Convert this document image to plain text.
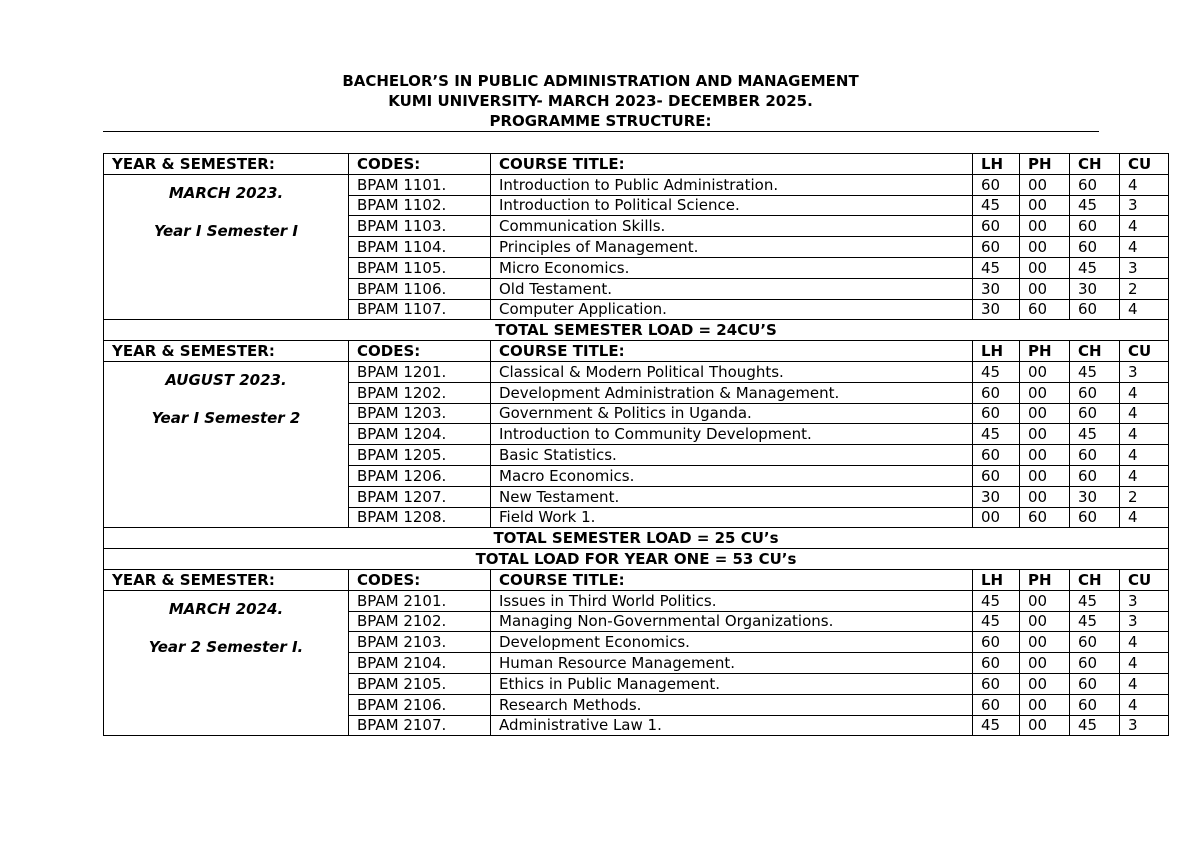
BACHELOR’S IN PUBLIC ADMINISTRATION AND MANAGEMENT
KUMI UNIVERSITY- MARCH 2023- DECEMBER 2025.
PROGRAMME STRUCTURE:
YEAR & SEMESTER:	CODES:	COURSE TITLE:	LH	PH	CH	CU

MARCH 2023.
Year I Semester I	BPAM 1101.	Introduction to Public Administration.	60	00	60	4
	BPAM 1102.	Introduction to Political Science.	45	00	45	3
	BPAM 1103.	Communication Skills.	60	00	60	4
	BPAM 1104.	Principles of Management.	60	00	60	4
	BPAM 1105.	Micro Economics.	45	00	45	3
	BPAM 1106.	Old Testament.	30	00	30	2
	BPAM 1107.	Computer Application.	30	60	60	4
TOTAL SEMESTER LOAD = 24CU’S						
YEAR & SEMESTER:	CODES:	COURSE TITLE:	LH	PH	CH	CU

AUGUST 2023.
Year I Semester 2	BPAM 1201.	Classical & Modern Political Thoughts.	45	00	45	3
	BPAM 1202.	Development Administration & Management.	60	00	60	4
	BPAM 1203.	Government & Politics in Uganda.	60	00	60	4
	BPAM 1204.	Introduction to Community Development.	45	00	45	4
	BPAM 1205.	Basic Statistics.	60	00	60	4
	BPAM 1206.	Macro Economics.	60	00	60	4
	BPAM 1207.	New Testament.	30	00	30	2
	BPAM 1208.	Field Work 1.	00	60	60	4
TOTAL SEMESTER LOAD = 25 CU’s						
TOTAL LOAD FOR YEAR ONE = 53 CU’s						
YEAR & SEMESTER:	CODES:	COURSE TITLE:	LH	PH	CH	CU

MARCH 2024.
Year 2 Semester I.	BPAM 2101.	Issues in Third World Politics.	45	00	45	3
	BPAM 2102.	Managing Non-Governmental Organizations.	45	00	45	3
	BPAM 2103.	Development Economics.	60	00	60	4
	BPAM 2104.	Human Resource Management.	60	00	60	4
	BPAM 2105.	Ethics in Public Management.	60	00	60	4
	BPAM 2106.	Research Methods.	60	00	60	4
	BPAM 2107.	Administrative Law 1.	45	00	45	3
